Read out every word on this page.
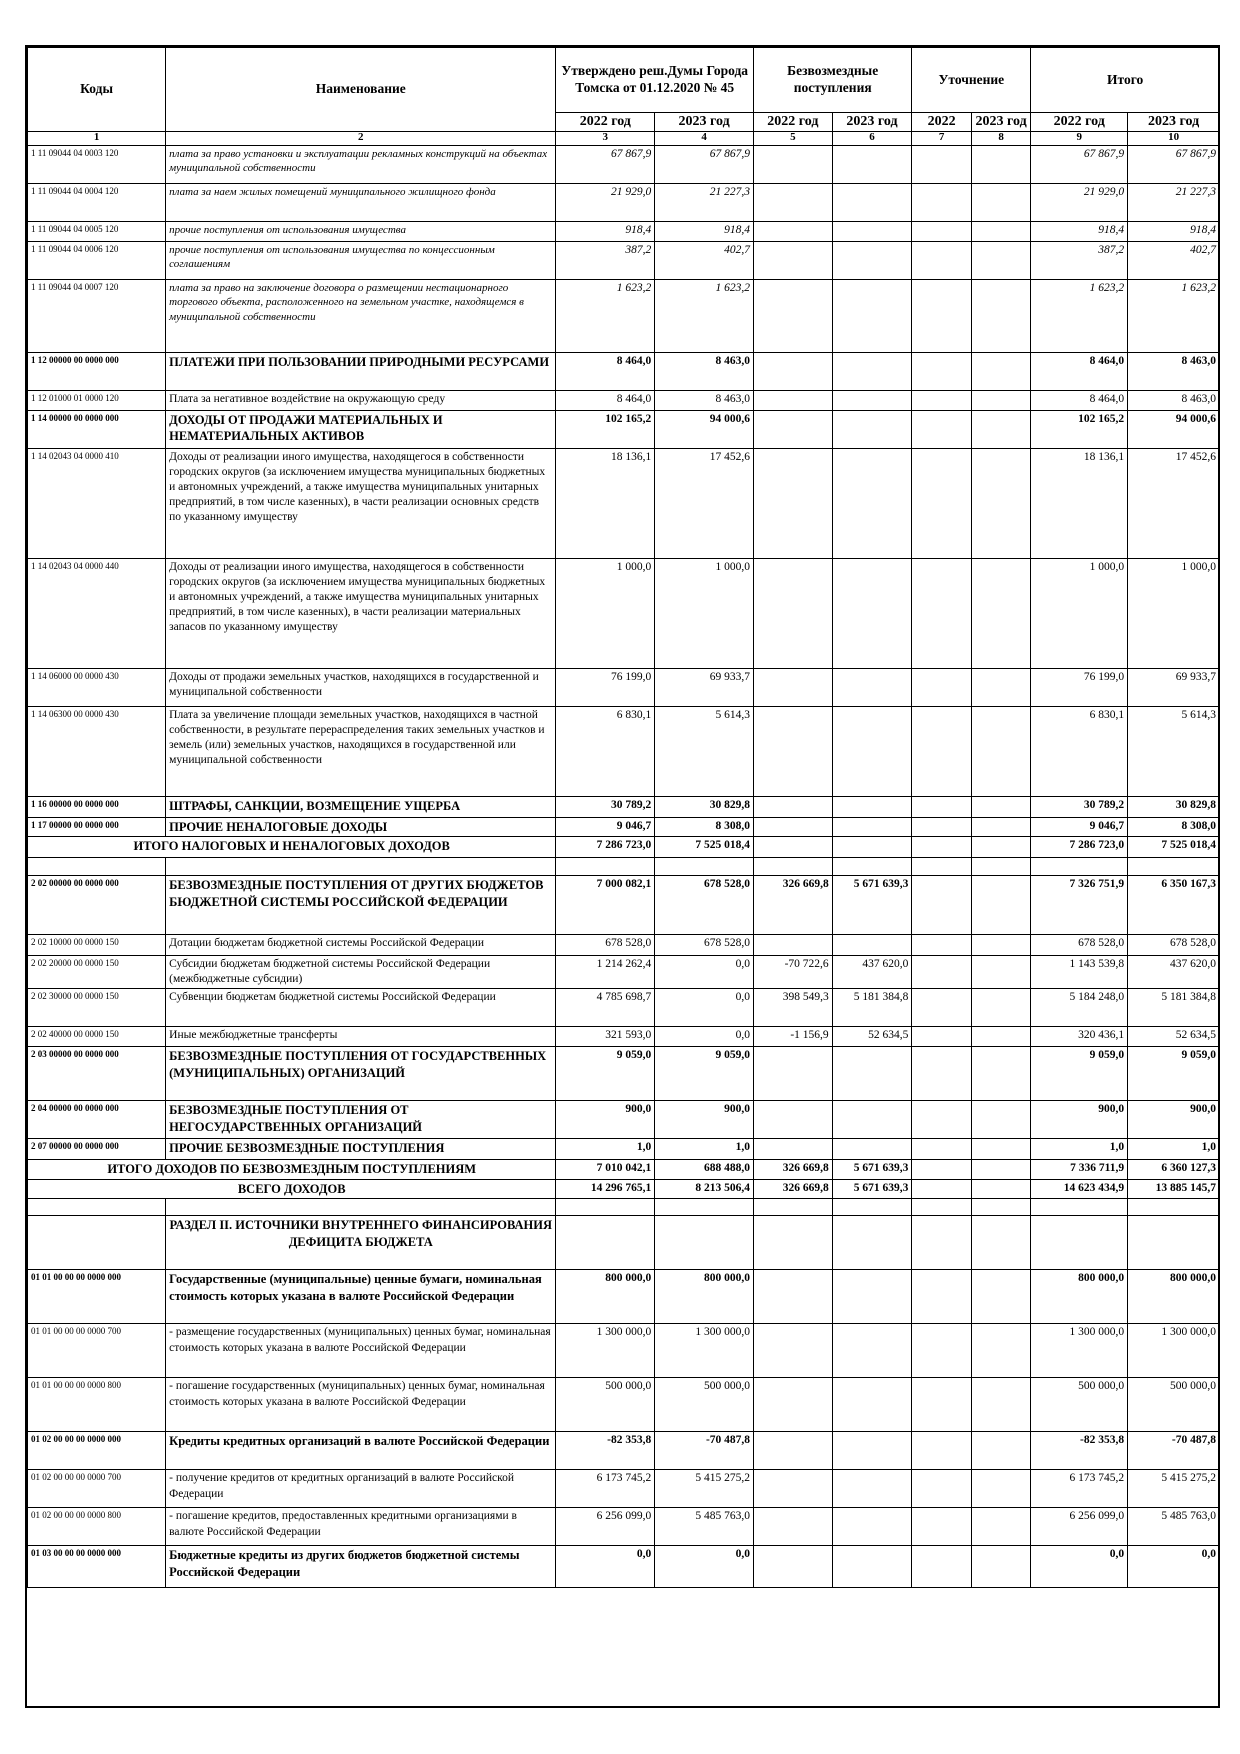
Коды	Наименование	Утверждено реш.Думы Города Томска от 01.12.2020 № 45		Безвозмездные поступления		Уточнение		Итого	
		2022 год	2023 год	2022 год	2023 год	2022	2023 год	2022 год	2023 год
1	2	3	4	5	6	7	8	9	10
1 11 09044 04 0003 120	плата за право установки и эксплуатации рекламных конструкций на объектах муниципальной собственности	67 867,9	67 867,9					67 867,9	67 867,9
1 11 09044 04 0004 120	плата за наем жилых помещений муниципального жилищного фонда	21 929,0	21 227,3					21 929,0	21 227,3
1 11 09044 04 0005 120	прочие поступления от использования имущества	918,4	918,4					918,4	918,4
1 11 09044 04 0006 120	прочие поступления от использования имущества по концессионным соглашениям	387,2	402,7					387,2	402,7
1 11 09044 04 0007 120	плата за право на заключение договора о размещении нестационарного торгового объекта, расположенного на земельном участке, находящемся в муниципальной собственности	1 623,2	1 623,2					1 623,2	1 623,2
1 12 00000 00 0000 000	ПЛАТЕЖИ ПРИ ПОЛЬЗОВАНИИ ПРИРОДНЫМИ РЕСУРСАМИ	8 464,0	8 463,0					8 464,0	8 463,0
1 12 01000 01 0000 120	Плата за негативное воздействие на окружающую среду	8 464,0	8 463,0					8 464,0	8 463,0
1 14 00000 00 0000 000	ДОХОДЫ ОТ ПРОДАЖИ МАТЕРИАЛЬНЫХ И НЕМАТЕРИАЛЬНЫХ АКТИВОВ	102 165,2	94 000,6					102 165,2	94 000,6
1 14 02043 04 0000 410	Доходы от реализации иного имущества, находящегося в собственности городских округов (за исключением имущества муниципальных бюджетных и автономных учреждений, а также имущества муниципальных унитарных предприятий, в том числе казенных), в части реализации основных средств по указанному имуществу	18 136,1	17 452,6					18 136,1	17 452,6
1 14 02043 04 0000 440	Доходы от реализации иного имущества, находящегося в собственности городских округов (за исключением имущества муниципальных бюджетных и автономных учреждений, а также имущества муниципальных унитарных предприятий, в том числе казенных), в части реализации материальных запасов по указанному имуществу	1 000,0	1 000,0					1 000,0	1 000,0
1 14 06000 00 0000 430	Доходы от продажи земельных участков, находящихся в государственной и муниципальной собственности	76 199,0	69 933,7					76 199,0	69 933,7
1 14 06300 00 0000 430	Плата за увеличение площади земельных участков, находящихся в частной собственности, в результате перераспределения таких земельных участков и земель (или) земельных участков, находящихся в государственной или муниципальной собственности	6 830,1	5 614,3					6 830,1	5 614,3
1 16 00000 00 0000 000	ШТРАФЫ, САНКЦИИ, ВОЗМЕЩЕНИЕ УЩЕРБА	30 789,2	30 829,8					30 789,2	30 829,8
1 17 00000 00 0000 000	ПРОЧИЕ НЕНАЛОГОВЫЕ ДОХОДЫ	9 046,7	8 308,0					9 046,7	8 308,0
ИТОГО НАЛОГОВЫХ И НЕНАЛОГОВЫХ ДОХОДОВ		7 286 723,0	7 525 018,4					7 286 723,0	7 525 018,4

2 02 00000 00 0000 000	БЕЗВОЗМЕЗДНЫЕ ПОСТУПЛЕНИЯ ОТ ДРУГИХ БЮДЖЕТОВ БЮДЖЕТНОЙ СИСТЕМЫ РОССИЙСКОЙ ФЕДЕРАЦИИ	7 000 082,1	678 528,0	326 669,8	5 671 639,3			7 326 751,9	6 350 167,3
2 02 10000 00 0000 150	Дотации бюджетам бюджетной системы Российской Федерации	678 528,0	678 528,0					678 528,0	678 528,0
2 02 20000 00 0000 150	Субсидии бюджетам бюджетной системы Российской Федерации (межбюджетные субсидии)	1 214 262,4	0,0	-70 722,6	437 620,0			1 143 539,8	437 620,0
2 02 30000 00 0000 150	Субвенции бюджетам бюджетной системы Российской Федерации	4 785 698,7	0,0	398 549,3	5 181 384,8			5 184 248,0	5 181 384,8
2 02 40000 00 0000 150	Иные межбюджетные трансферты	321 593,0	0,0	-1 156,9	52 634,5			320 436,1	52 634,5
2 03 00000 00 0000 000	БЕЗВОЗМЕЗДНЫЕ ПОСТУПЛЕНИЯ ОТ ГОСУДАРСТВЕННЫХ (МУНИЦИПАЛЬНЫХ) ОРГАНИЗАЦИЙ	9 059,0	9 059,0					9 059,0	9 059,0
2 04 00000 00 0000 000	БЕЗВОЗМЕЗДНЫЕ ПОСТУПЛЕНИЯ ОТ НЕГОСУДАРСТВЕННЫХ ОРГАНИЗАЦИЙ	900,0	900,0					900,0	900,0
2 07 00000 00 0000 000	ПРОЧИЕ БЕЗВОЗМЕЗДНЫЕ ПОСТУПЛЕНИЯ	1,0	1,0					1,0	1,0
ИТОГО ДОХОДОВ ПО БЕЗВОЗМЕЗДНЫМ ПОСТУПЛЕНИЯМ		7 010 042,1	688 488,0	326 669,8	5 671 639,3			7 336 711,9	6 360 127,3
ВСЕГО ДОХОДОВ		14 296 765,1	8 213 506,4	326 669,8	5 671 639,3			14 623 434,9	13 885 145,7

	РАЗДЕЛ II. ИСТОЧНИКИ ВНУТРЕННЕГО ФИНАНСИРОВАНИЯ ДЕФИЦИТА БЮДЖЕТА								
01 01 00 00 00 0000 000	Государственные (муниципальные) ценные бумаги, номинальная стоимость которых указана в валюте Российской Федерации	800 000,0	800 000,0					800 000,0	800 000,0
01 01 00 00 00 0000 700	- размещение государственных (муниципальных) ценных бумаг, номинальная стоимость которых указана в валюте Российской Федерации	1 300 000,0	1 300 000,0					1 300 000,0	1 300 000,0
01 01 00 00 00 0000 800	- погашение государственных (муниципальных) ценных бумаг, номинальная стоимость которых указана в валюте Российской Федерации	500 000,0	500 000,0					500 000,0	500 000,0
01 02 00 00 00 0000 000	Кредиты кредитных организаций в валюте Российской Федерации	-82 353,8	-70 487,8					-82 353,8	-70 487,8
01 02 00 00 00 0000 700	- получение кредитов от кредитных организаций в валюте Российской Федерации	6 173 745,2	5 415 275,2					6 173 745,2	5 415 275,2
01 02 00 00 00 0000 800	- погашение кредитов, предоставленных кредитными организациями в валюте Российской Федерации	6 256 099,0	5 485 763,0					6 256 099,0	5 485 763,0
01 03 00 00 00 0000 000	Бюджетные кредиты из других бюджетов бюджетной системы Российской Федерации	0,0	0,0					0,0	0,0
